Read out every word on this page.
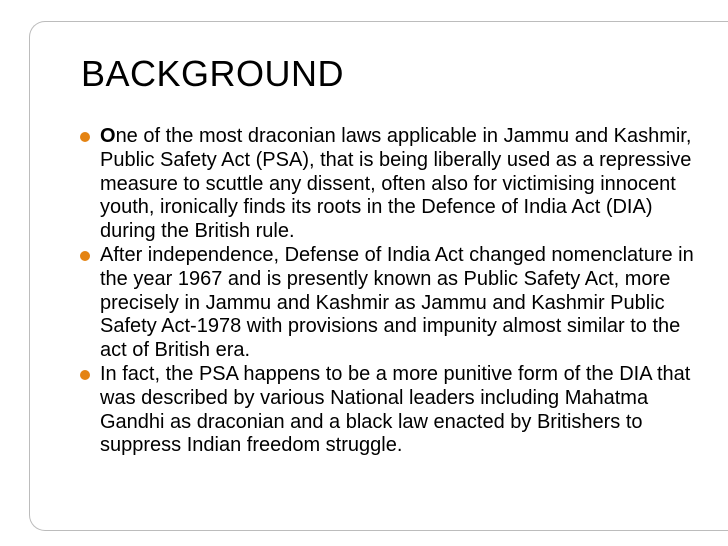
BACKGROUND
One of the most draconian laws applicable in Jammu and Kashmir, Public Safety Act (PSA), that is being liberally used as a repressive measure to scuttle any dissent, often also for victimising innocent youth, ironically finds its roots in the Defence of India Act (DIA) during the British rule.
After independence, Defense of India Act changed nomenclature in the year 1967 and is presently known as Public Safety Act, more precisely in Jammu and Kashmir as Jammu and Kashmir Public Safety Act-1978 with provisions and impunity almost similar to the act of British era.
In fact, the PSA happens to be a more punitive form of the DIA that was described by various National leaders including Mahatma Gandhi as draconian and a black law enacted by Britishers to suppress Indian freedom struggle.
